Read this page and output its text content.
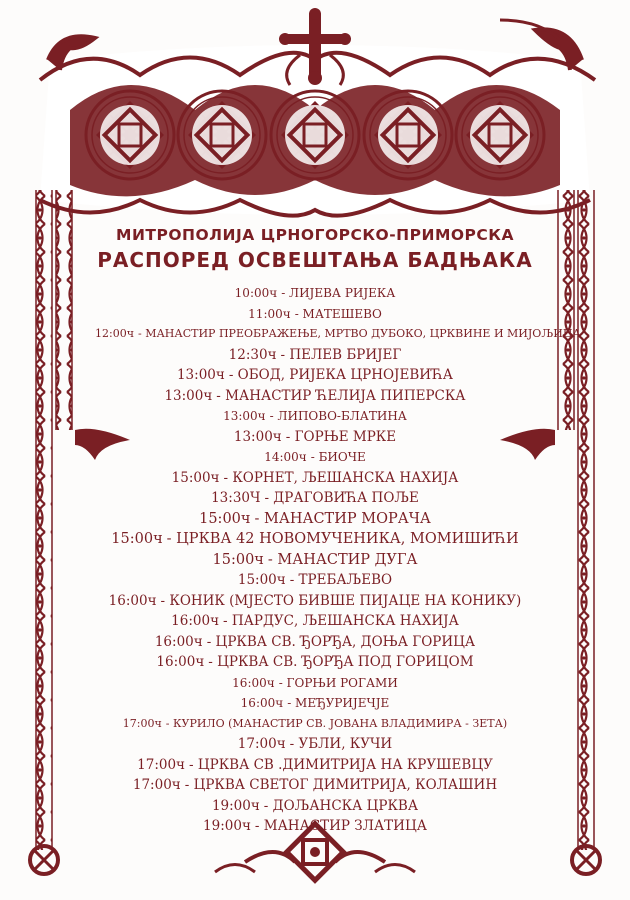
МИТРОПОЛИЈА ЦРНОГОРСКО-ПРИМОРСКА
РАСПОРЕД ОСВЕШТАЊА БАДЊАКА
10:00ч - ЛИЈЕВА РИЈЕКА
11:00ч - МАТЕШЕВО
12:00ч - МАНАСТИР ПРЕОБРАЖЕЊЕ, МРТВО ДУБОКО, ЦРКВИНЕ И МИЈОЉИЦА
12:30ч - ПЕЛЕВ БРИЈЕГ
13:00ч - ОБОД, РИЈЕКА ЦРНОЈЕВИЋА
13:00ч - МАНАСТИР ЋЕЛИЈА ПИПЕРСКА
13:00ч - ЛИПОВО-БЛАТИНА
13:00ч - ГОРЊЕ МРКЕ
14:00ч - БИОЧЕ
15:00ч - КОРНЕТ, ЉЕШАНСКА НАХИЈА
13:30Ч - ДРАГОВИЋА ПОЉЕ
15:00ч - МАНАСТИР МОРАЧА
15:00ч - ЦРКВА 42 НОВОМУЧЕНИКА, МОМИШИЋИ
15:00ч - МАНАСТИР ДУГА
15:00ч - ТРЕБАЉЕВО
16:00ч - КОНИК (МЈЕСТО БИВШЕ ПИЈАЦЕ НА КОНИКУ)
16:00ч - ПАРДУС, ЉЕШАНСКА НАХИЈА
16:00ч - ЦРКВА СВ. ЂОРЂА, ДОЊА ГОРИЦА
16:00ч - ЦРКВА СВ. ЂОРЂА ПОД ГОРИЦОМ
16:00ч - ГОРЊИ РОГАМИ
16:00ч - МЕЂУРИЈЕЧЈЕ
17:00ч - КУРИЛО (МАНАСТИР СВ. ЈОВАНА ВЛАДИМИРА - ЗЕТА)
17:00ч - УБЛИ, КУЧИ
17:00ч - ЦРКВА СВ .ДИМИТРИЈА НА КРУШЕВЦУ
17:00ч - ЦРКВА СВЕТОГ ДИМИТРИЈА, КОЛАШИН
19:00ч - ДОЉАНСКА ЦРКВА
19:00ч - МАНАСТИР ЗЛАТИЦА
